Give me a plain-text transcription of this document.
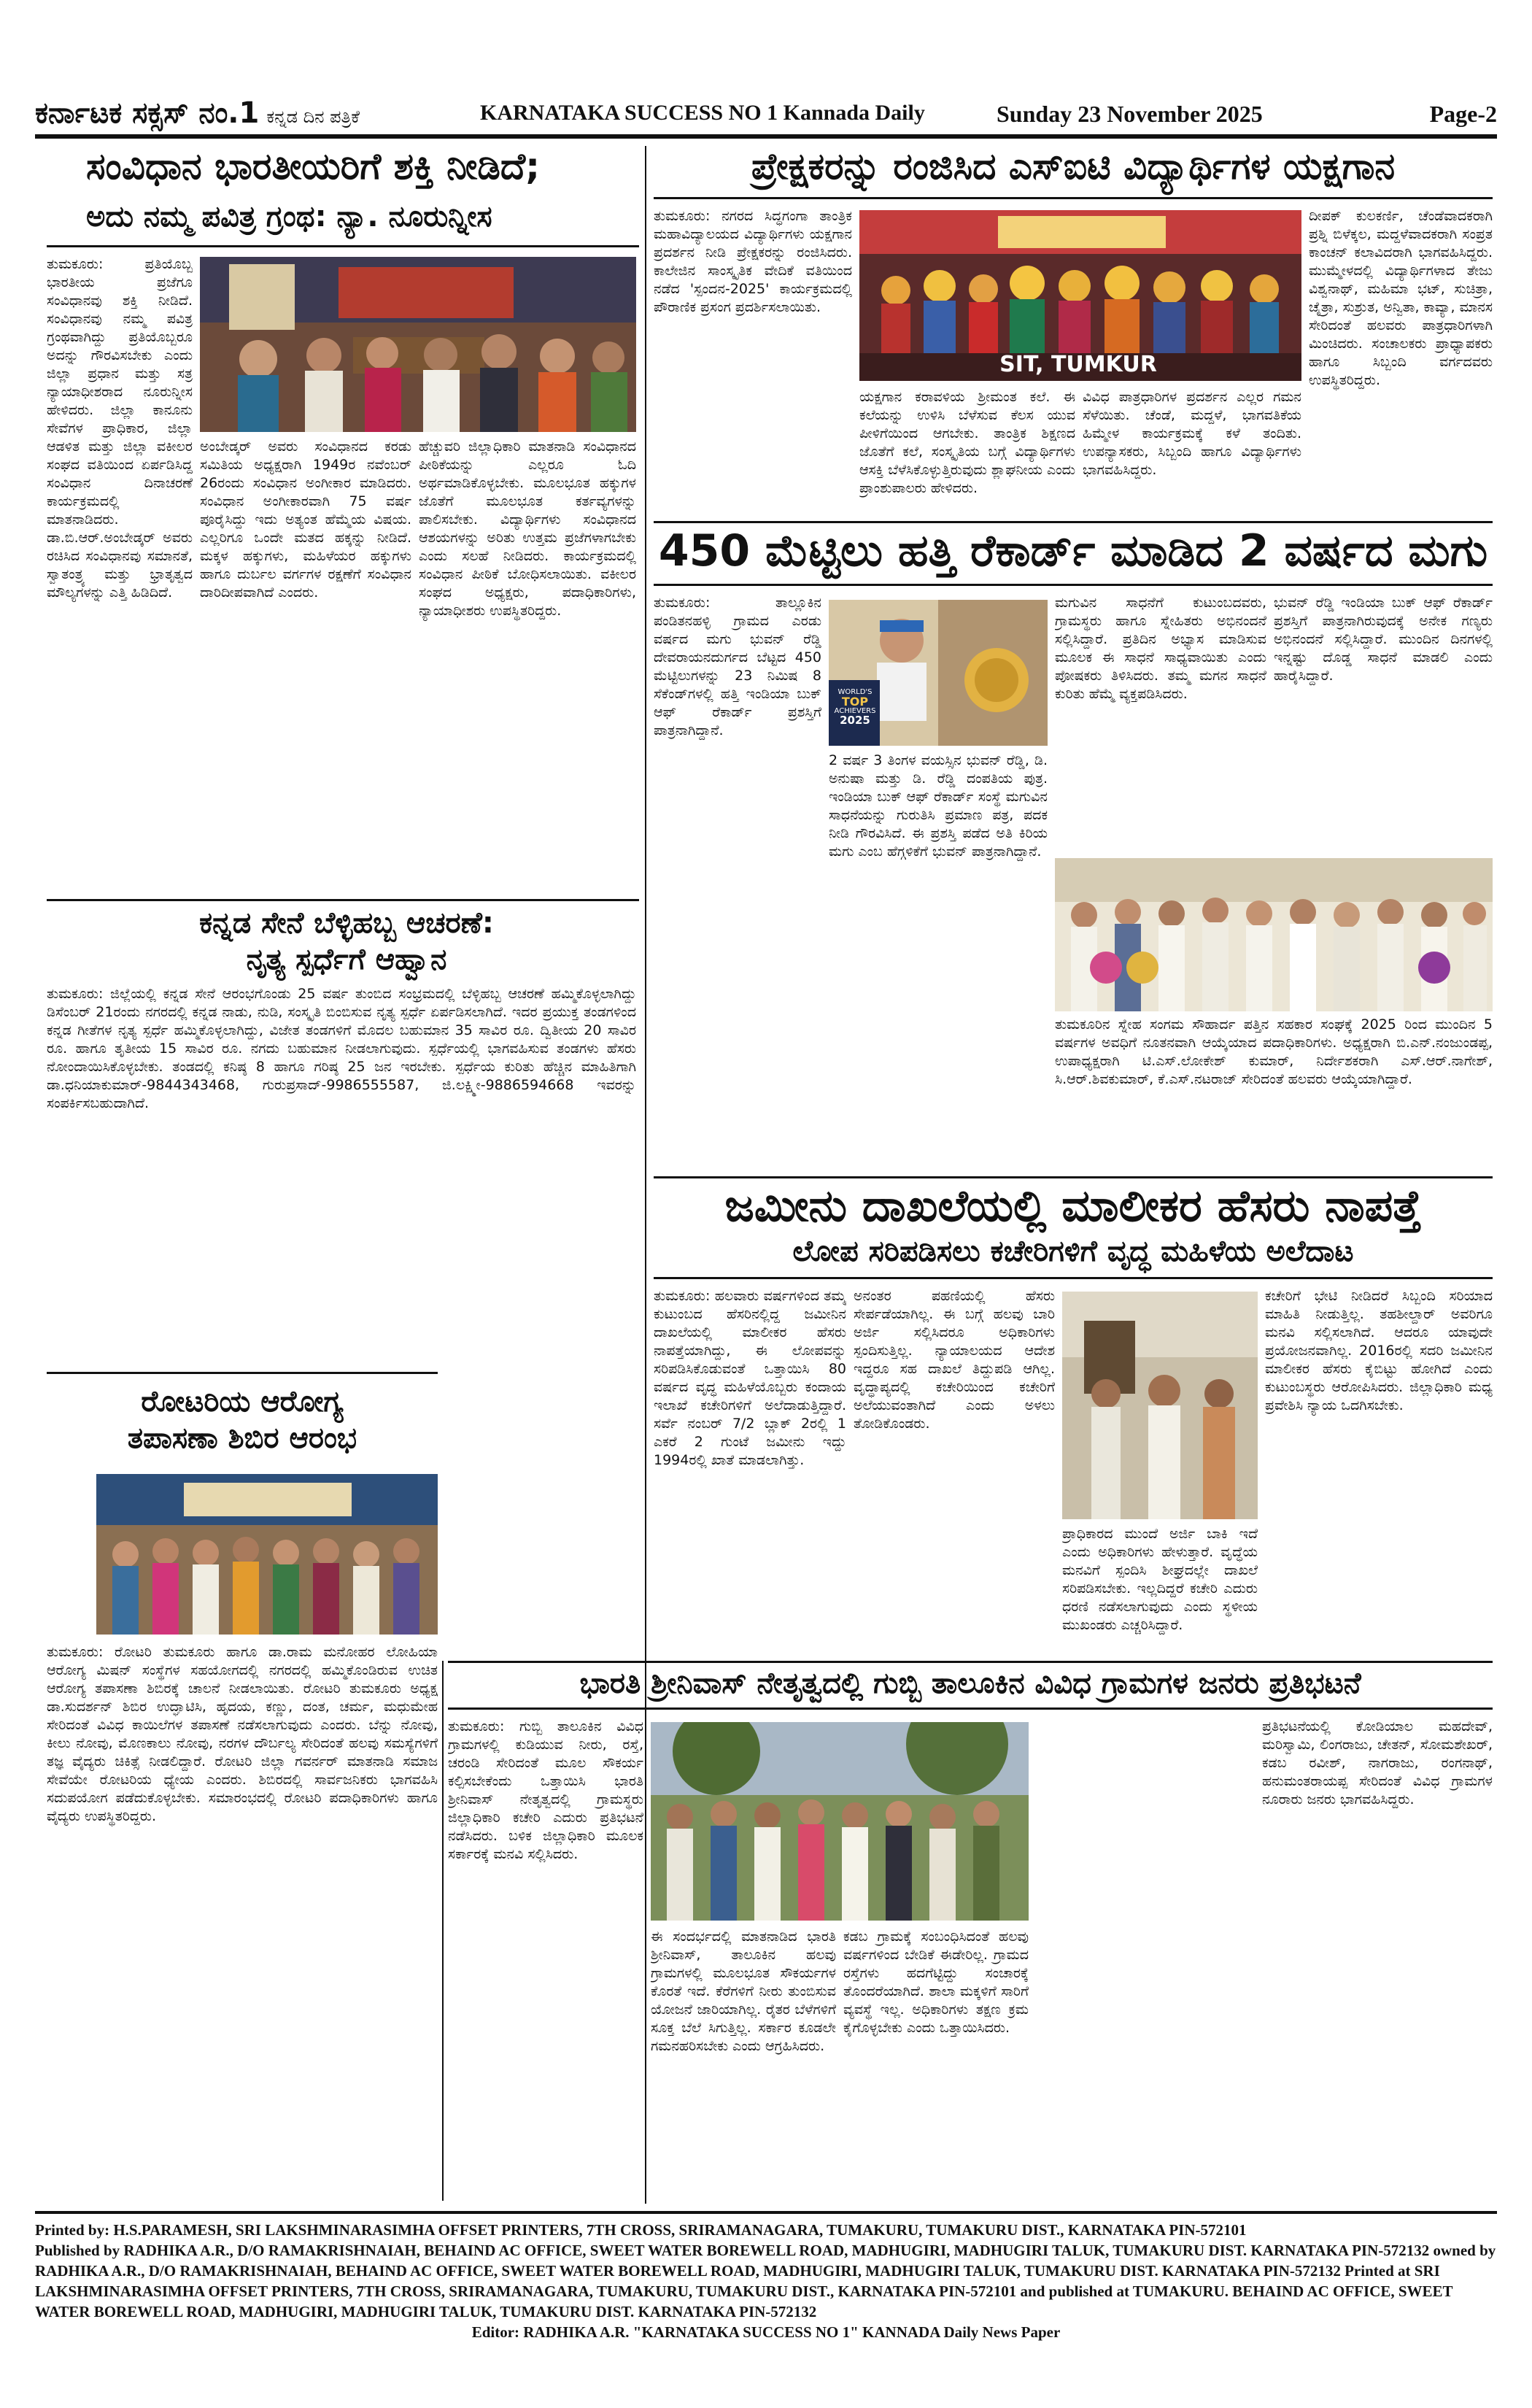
ಕರ್ನಾಟಕ ಸಕ್ಸಸ್ ನಂ.1 ಕನ್ನಡ ದಿನ ಪತ್ರಿಕೆ	KARNATAKA SUCCESS NO 1 Kannada Daily	Sunday 23 November 2025	Page-2
ಸಂವಿಧಾನ ಭಾರತೀಯರಿಗೆ ಶಕ್ತಿ ನೀಡಿದೆ;
ಅದು ನಮ್ಮ ಪವಿತ್ರ ಗ್ರಂಥ: ನ್ಯಾ. ನೂರುನ್ನೀಸ
ತುಮಕೂರು: ಪ್ರತಿಯೊಬ್ಬ ಭಾರತೀಯ ಪ್ರಜೆಗೂ ಸಂವಿಧಾನವು ಶಕ್ತಿ ನೀಡಿದೆ. ಸಂವಿಧಾನವು ನಮ್ಮ ಪವಿತ್ರ ಗ್ರಂಥವಾಗಿದ್ದು ಪ್ರತಿಯೊಬ್ಬರೂ ಅದನ್ನು ಗೌರವಿಸಬೇಕು ಎಂದು ಜಿಲ್ಲಾ ಪ್ರಧಾನ ಮತ್ತು ಸತ್ರ ನ್ಯಾಯಾಧೀಶರಾದ ನೂರುನ್ನೀಸ ಹೇಳಿದರು. ಜಿಲ್ಲಾ ಕಾನೂನು ಸೇವೆಗಳ ಪ್ರಾಧಿಕಾರ, ಜಿಲ್ಲಾ ಆಡಳಿತ ಮತ್ತು ಜಿಲ್ಲಾ ವಕೀಲರ ಸಂಘದ ವತಿಯಿಂದ ಏರ್ಪಡಿಸಿದ್ದ ಸಂವಿಧಾನ ದಿನಾಚರಣೆ ಕಾರ್ಯಕ್ರಮದಲ್ಲಿ ಮಾತನಾಡಿದರು. ಡಾ.ಬಿ.ಆರ್.ಅಂಬೇಡ್ಕರ್ ಅವರು ರಚಿಸಿದ ಸಂವಿಧಾನವು ಸಮಾನತೆ, ಸ್ವಾತಂತ್ರ್ಯ ಮತ್ತು ಭ್ರಾತೃತ್ವದ ಮೌಲ್ಯಗಳನ್ನು ಎತ್ತಿ ಹಿಡಿದಿದೆ.
ಅಂಬೇಡ್ಕರ್ ಅವರು ಸಂವಿಧಾನದ ಕರಡು ಸಮಿತಿಯ ಅಧ್ಯಕ್ಷರಾಗಿ 1949ರ ನವೆಂಬರ್ 26ರಂದು ಸಂವಿಧಾನ ಅಂಗೀಕಾರ ಮಾಡಿದರು. ಸಂವಿಧಾನ ಅಂಗೀಕಾರವಾಗಿ 75 ವರ್ಷ ಪೂರೈಸಿದ್ದು ಇದು ಅತ್ಯಂತ ಹೆಮ್ಮೆಯ ವಿಷಯ. ಎಲ್ಲರಿಗೂ ಒಂದೇ ಮತದ ಹಕ್ಕನ್ನು ನೀಡಿದೆ. ಮಕ್ಕಳ ಹಕ್ಕುಗಳು, ಮಹಿಳೆಯರ ಹಕ್ಕುಗಳು ಹಾಗೂ ದುರ್ಬಲ ವರ್ಗಗಳ ರಕ್ಷಣೆಗೆ ಸಂವಿಧಾನ ದಾರಿದೀಪವಾಗಿದೆ ಎಂದರು.
ಹೆಚ್ಚುವರಿ ಜಿಲ್ಲಾಧಿಕಾರಿ ಮಾತನಾಡಿ ಸಂವಿಧಾನದ ಪೀಠಿಕೆಯನ್ನು ಎಲ್ಲರೂ ಓದಿ ಅರ್ಥಮಾಡಿಕೊಳ್ಳಬೇಕು. ಮೂಲಭೂತ ಹಕ್ಕುಗಳ ಜೊತೆಗೆ ಮೂಲಭೂತ ಕರ್ತವ್ಯಗಳನ್ನು ಪಾಲಿಸಬೇಕು. ವಿದ್ಯಾರ್ಥಿಗಳು ಸಂವಿಧಾನದ ಆಶಯಗಳನ್ನು ಅರಿತು ಉತ್ತಮ ಪ್ರಜೆಗಳಾಗಬೇಕು ಎಂದು ಸಲಹೆ ನೀಡಿದರು. ಕಾರ್ಯಕ್ರಮದಲ್ಲಿ ಸಂವಿಧಾನ ಪೀಠಿಕೆ ಬೋಧಿಸಲಾಯಿತು. ವಕೀಲರ ಸಂಘದ ಅಧ್ಯಕ್ಷರು, ಪದಾಧಿಕಾರಿಗಳು, ನ್ಯಾಯಾಧೀಶರು ಉಪಸ್ಥಿತರಿದ್ದರು.
ಕನ್ನಡ ಸೇನೆ ಬೆಳ್ಳಿಹಬ್ಬ ಆಚರಣೆ:
ನೃತ್ಯ ಸ್ಪರ್ಧೆಗೆ ಆಹ್ವಾನ
ತುಮಕೂರು: ಜಿಲ್ಲೆಯಲ್ಲಿ ಕನ್ನಡ ಸೇನೆ ಆರಂಭಗೊಂಡು 25 ವರ್ಷ ತುಂಬಿದ ಸಂಭ್ರಮದಲ್ಲಿ ಬೆಳ್ಳಿಹಬ್ಬ ಆಚರಣೆ ಹಮ್ಮಿಕೊಳ್ಳಲಾಗಿದ್ದು ಡಿಸೆಂಬರ್ 21ರಂದು ನಗರದಲ್ಲಿ ಕನ್ನಡ ನಾಡು, ನುಡಿ, ಸಂಸ್ಕೃತಿ ಬಿಂಬಿಸುವ ನೃತ್ಯ ಸ್ಪರ್ಧೆ ಏರ್ಪಡಿಸಲಾಗಿದೆ. ಇದರ ಪ್ರಯುಕ್ತ ತಂಡಗಳಿಂದ ಕನ್ನಡ ಗೀತೆಗಳ ನೃತ್ಯ ಸ್ಪರ್ಧೆ ಹಮ್ಮಿಕೊಳ್ಳಲಾಗಿದ್ದು, ವಿಜೇತ ತಂಡಗಳಿಗೆ ಮೊದಲ ಬಹುಮಾನ 35 ಸಾವಿರ ರೂ. ದ್ವಿತೀಯ 20 ಸಾವಿರ ರೂ. ಹಾಗೂ ತೃತೀಯ 15 ಸಾವಿರ ರೂ. ನಗದು ಬಹುಮಾನ ನೀಡಲಾಗುವುದು. ಸ್ಪರ್ಧೆಯಲ್ಲಿ ಭಾಗವಹಿಸುವ ತಂಡಗಳು ಹೆಸರು ನೋಂದಾಯಿಸಿಕೊಳ್ಳಬೇಕು. ತಂಡದಲ್ಲಿ ಕನಿಷ್ಠ 8 ಹಾಗೂ ಗರಿಷ್ಠ 25 ಜನ ಇರಬೇಕು. ಸ್ಪರ್ಧೆಯ ಕುರಿತು ಹೆಚ್ಚಿನ ಮಾಹಿತಿಗಾಗಿ ಡಾ.ಧನಿಯಾಕುಮಾರ್-9844343468, ಗುರುಪ್ರಸಾದ್-9986555587, ಜಿ.ಲಕ್ಷ್ಮೀ-9886594668 ಇವರನ್ನು ಸಂಪರ್ಕಿಸಬಹುದಾಗಿದೆ.
ರೋಟರಿಯ ಆರೋಗ್ಯ
ತಪಾಸಣಾ ಶಿಬಿರ ಆರಂಭ
ತುಮಕೂರು: ರೋಟರಿ ತುಮಕೂರು ಹಾಗೂ ಡಾ.ರಾಮ ಮನೋಹರ ಲೋಹಿಯಾ ಆರೋಗ್ಯ ಮಿಷನ್ ಸಂಸ್ಥೆಗಳ ಸಹಯೋಗದಲ್ಲಿ ನಗರದಲ್ಲಿ ಹಮ್ಮಿಕೊಂಡಿರುವ ಉಚಿತ ಆರೋಗ್ಯ ತಪಾಸಣಾ ಶಿಬಿರಕ್ಕೆ ಚಾಲನೆ ನೀಡಲಾಯಿತು. ರೋಟರಿ ತುಮಕೂರು ಅಧ್ಯಕ್ಷ ಡಾ.ಸುದರ್ಶನ್ ಶಿಬಿರ ಉದ್ಘಾಟಿಸಿ, ಹೃದಯ, ಕಣ್ಣು, ದಂತ, ಚರ್ಮ, ಮಧುಮೇಹ ಸೇರಿದಂತೆ ವಿವಿಧ ಕಾಯಿಲೆಗಳ ತಪಾಸಣೆ ನಡೆಸಲಾಗುವುದು ಎಂದರು. ಬೆನ್ನು ನೋವು, ಕೀಲು ನೋವು, ಮೊಣಕಾಲು ನೋವು, ನರಗಳ ದೌರ್ಬಲ್ಯ ಸೇರಿದಂತೆ ಹಲವು ಸಮಸ್ಯೆಗಳಿಗೆ ತಜ್ಞ ವೈದ್ಯರು ಚಿಕಿತ್ಸೆ ನೀಡಲಿದ್ದಾರೆ. ರೋಟರಿ ಜಿಲ್ಲಾ ಗವರ್ನರ್ ಮಾತನಾಡಿ ಸಮಾಜ ಸೇವೆಯೇ ರೋಟರಿಯ ಧ್ಯೇಯ ಎಂದರು. ಶಿಬಿರದಲ್ಲಿ ಸಾರ್ವಜನಿಕರು ಭಾಗವಹಿಸಿ ಸದುಪಯೋಗ ಪಡೆದುಕೊಳ್ಳಬೇಕು. ಸಮಾರಂಭದಲ್ಲಿ ರೋಟರಿ ಪದಾಧಿಕಾರಿಗಳು ಹಾಗೂ ವೈದ್ಯರು ಉಪಸ್ಥಿತರಿದ್ದರು.
ಪ್ರೇಕ್ಷಕರನ್ನು ರಂಜಿಸಿದ ಎಸ್ಐಟಿ ವಿದ್ಯಾರ್ಥಿಗಳ ಯಕ್ಷಗಾನ
ತುಮಕೂರು: ನಗರದ ಸಿದ್ಧಗಂಗಾ ತಾಂತ್ರಿಕ ಮಹಾವಿದ್ಯಾಲಯದ ವಿದ್ಯಾರ್ಥಿಗಳು ಯಕ್ಷಗಾನ ಪ್ರದರ್ಶನ ನೀಡಿ ಪ್ರೇಕ್ಷಕರನ್ನು ರಂಜಿಸಿದರು. ಕಾಲೇಜಿನ ಸಾಂಸ್ಕೃತಿಕ ವೇದಿಕೆ ವತಿಯಿಂದ ನಡೆದ 'ಸ್ಪಂದನ-2025' ಕಾರ್ಯಕ್ರಮದಲ್ಲಿ ಪೌರಾಣಿಕ ಪ್ರಸಂಗ ಪ್ರದರ್ಶಿಸಲಾಯಿತು.
SIT, TUMKUR
ಯಕ್ಷಗಾನ ಕರಾವಳಿಯ ಶ್ರೀಮಂತ ಕಲೆ. ಈ ಕಲೆಯನ್ನು ಉಳಿಸಿ ಬೆಳೆಸುವ ಕೆಲಸ ಯುವ ಪೀಳಿಗೆಯಿಂದ ಆಗಬೇಕು. ತಾಂತ್ರಿಕ ಶಿಕ್ಷಣದ ಜೊತೆಗೆ ಕಲೆ, ಸಂಸ್ಕೃತಿಯ ಬಗ್ಗೆ ವಿದ್ಯಾರ್ಥಿಗಳು ಆಸಕ್ತಿ ಬೆಳೆಸಿಕೊಳ್ಳುತ್ತಿರುವುದು ಶ್ಲಾಘನೀಯ ಎಂದು ಪ್ರಾಂಶುಪಾಲರು ಹೇಳಿದರು.
ವಿವಿಧ ಪಾತ್ರಧಾರಿಗಳ ಪ್ರದರ್ಶನ ಎಲ್ಲರ ಗಮನ ಸೆಳೆಯಿತು. ಚೆಂಡೆ, ಮದ್ದಳೆ, ಭಾಗವತಿಕೆಯ ಹಿಮ್ಮೇಳ ಕಾರ್ಯಕ್ರಮಕ್ಕೆ ಕಳೆ ತಂದಿತು. ಉಪನ್ಯಾಸಕರು, ಸಿಬ್ಬಂದಿ ಹಾಗೂ ವಿದ್ಯಾರ್ಥಿಗಳು ಭಾಗವಹಿಸಿದ್ದರು.
ದೀಪಕ್ ಕುಲಕರ್ಣಿ, ಚೆಂಡೆವಾದಕರಾಗಿ ಪ್ರಶ್ನಿ ಬಿಳೆಕ್ಕಲ, ಮದ್ದಳೆವಾದಕರಾಗಿ ಸಂಪ್ರತ ಕಾಂಚನ್ ಕಲಾವಿದರಾಗಿ ಭಾಗವಹಿಸಿದ್ದರು. ಮುಮ್ಮೇಳದಲ್ಲಿ ವಿದ್ಯಾರ್ಥಿಗಳಾದ ತೇಜು ವಿಶ್ವನಾಥ್, ಮಹಿಮಾ ಭಟ್, ಸುಚಿತ್ರಾ, ಚೈತ್ರಾ, ಸುಶ್ರುತ, ಅನ್ವಿತಾ, ಕಾವ್ಯಾ, ಮಾನಸ ಸೇರಿದಂತೆ ಹಲವರು ಪಾತ್ರಧಾರಿಗಳಾಗಿ ಮಿಂಚಿದರು. ಸಂಚಾಲಕರು ಪ್ರಾಧ್ಯಾಪಕರು ಹಾಗೂ ಸಿಬ್ಬಂದಿ ವರ್ಗದವರು ಉಪಸ್ಥಿತರಿದ್ದರು.
450 ಮೆಟ್ಟಿಲು ಹತ್ತಿ ರೆಕಾರ್ಡ್ ಮಾಡಿದ 2 ವರ್ಷದ ಮಗು
ತುಮಕೂರು: ತಾಲ್ಲೂಕಿನ ಪಂಡಿತನಹಳ್ಳಿ ಗ್ರಾಮದ ಎರಡು ವರ್ಷದ ಮಗು ಭುವನ್ ರೆಡ್ಡಿ ದೇವರಾಯನದುರ್ಗದ ಬೆಟ್ಟದ 450 ಮೆಟ್ಟಿಲುಗಳನ್ನು 23 ನಿಮಿಷ 8 ಸೆಕೆಂಡ್‌ಗಳಲ್ಲಿ ಹತ್ತಿ ಇಂಡಿಯಾ ಬುಕ್ ಆಫ್ ರೆಕಾರ್ಡ್ ಪ್ರಶಸ್ತಿಗೆ ಪಾತ್ರನಾಗಿದ್ದಾನೆ.
WORLD'S
TOP
ACHIEVERS
2025
2 ವರ್ಷ 3 ತಿಂಗಳ ವಯಸ್ಸಿನ ಭುವನ್ ರೆಡ್ಡಿ, ಡಿ. ಅನುಷಾ ಮತ್ತು ಡಿ. ರೆಡ್ಡಿ ದಂಪತಿಯ ಪುತ್ರ. ಇಂಡಿಯಾ ಬುಕ್ ಆಫ್ ರೆಕಾರ್ಡ್ ಸಂಸ್ಥೆ ಮಗುವಿನ ಸಾಧನೆಯನ್ನು ಗುರುತಿಸಿ ಪ್ರಮಾಣ ಪತ್ರ, ಪದಕ ನೀಡಿ ಗೌರವಿಸಿದೆ. ಈ ಪ್ರಶಸ್ತಿ ಪಡೆದ ಅತಿ ಕಿರಿಯ ಮಗು ಎಂಬ ಹೆಗ್ಗಳಿಕೆಗೆ ಭುವನ್ ಪಾತ್ರನಾಗಿದ್ದಾನೆ.
ಮಗುವಿನ ಸಾಧನೆಗೆ ಕುಟುಂಬದವರು, ಗ್ರಾಮಸ್ಥರು ಹಾಗೂ ಸ್ನೇಹಿತರು ಅಭಿನಂದನೆ ಸಲ್ಲಿಸಿದ್ದಾರೆ. ಪ್ರತಿದಿನ ಅಭ್ಯಾಸ ಮಾಡಿಸುವ ಮೂಲಕ ಈ ಸಾಧನೆ ಸಾಧ್ಯವಾಯಿತು ಎಂದು ಪೋಷಕರು ತಿಳಿಸಿದರು. ತಮ್ಮ ಮಗನ ಸಾಧನೆ ಕುರಿತು ಹೆಮ್ಮೆ ವ್ಯಕ್ತಪಡಿಸಿದರು.
ಭುವನ್ ರೆಡ್ಡಿ ಇಂಡಿಯಾ ಬುಕ್ ಆಫ್ ರೆಕಾರ್ಡ್ ಪ್ರಶಸ್ತಿಗೆ ಪಾತ್ರನಾಗಿರುವುದಕ್ಕೆ ಅನೇಕ ಗಣ್ಯರು ಅಭಿನಂದನೆ ಸಲ್ಲಿಸಿದ್ದಾರೆ. ಮುಂದಿನ ದಿನಗಳಲ್ಲಿ ಇನ್ನಷ್ಟು ದೊಡ್ಡ ಸಾಧನೆ ಮಾಡಲಿ ಎಂದು ಹಾರೈಸಿದ್ದಾರೆ.
ತುಮಕೂರಿನ ಸ್ನೇಹ ಸಂಗಮ ಸೌಹಾರ್ದ ಪತ್ತಿನ ಸಹಕಾರ ಸಂಘಕ್ಕೆ 2025 ರಿಂದ ಮುಂದಿನ 5 ವರ್ಷಗಳ ಅವಧಿಗೆ ನೂತನವಾಗಿ ಆಯ್ಕೆಯಾದ ಪದಾಧಿಕಾರಿಗಳು. ಅಧ್ಯಕ್ಷರಾಗಿ ಬಿ.ಎನ್.ನಂಜುಂಡಪ್ಪ, ಉಪಾಧ್ಯಕ್ಷರಾಗಿ ಟಿ.ಎಸ್.ಲೋಕೇಶ್ ಕುಮಾರ್, ನಿರ್ದೇಶಕರಾಗಿ ಎಸ್.ಆರ್.ನಾಗೇಶ್, ಸಿ.ಆರ್.ಶಿವಕುಮಾರ್, ಕೆ.ಎಸ್.ನಟರಾಜ್ ಸೇರಿದಂತೆ ಹಲವರು ಆಯ್ಕೆಯಾಗಿದ್ದಾರೆ.
ಜಮೀನು ದಾಖಲೆಯಲ್ಲಿ ಮಾಲೀಕರ ಹೆಸರು ನಾಪತ್ತೆ
ಲೋಪ ಸರಿಪಡಿಸಲು ಕಚೇರಿಗಳಿಗೆ ವೃದ್ಧ ಮಹಿಳೆಯ ಅಲೆದಾಟ
ತುಮಕೂರು: ಹಲವಾರು ವರ್ಷಗಳಿಂದ ತಮ್ಮ ಕುಟುಂಬದ ಹೆಸರಿನಲ್ಲಿದ್ದ ಜಮೀನಿನ ದಾಖಲೆಯಲ್ಲಿ ಮಾಲೀಕರ ಹೆಸರು ನಾಪತ್ತೆಯಾಗಿದ್ದು, ಈ ಲೋಪವನ್ನು ಸರಿಪಡಿಸಿಕೊಡುವಂತೆ ಒತ್ತಾಯಿಸಿ 80 ವರ್ಷದ ವೃದ್ಧ ಮಹಿಳೆಯೊಬ್ಬರು ಕಂದಾಯ ಇಲಾಖೆ ಕಚೇರಿಗಳಿಗೆ ಅಲೆದಾಡುತ್ತಿದ್ದಾರೆ. ಸರ್ವೆ ನಂಬರ್ 7/2 ಬ್ಲಾಕ್ 2ರಲ್ಲಿ 1 ಎಕರೆ 2 ಗುಂಟೆ ಜಮೀನು ಇದ್ದು 1994ರಲ್ಲಿ ಖಾತೆ ಮಾಡಲಾಗಿತ್ತು.
ಅನಂತರ ಪಹಣಿಯಲ್ಲಿ ಹೆಸರು ಸೇರ್ಪಡೆಯಾಗಿಲ್ಲ. ಈ ಬಗ್ಗೆ ಹಲವು ಬಾರಿ ಅರ್ಜಿ ಸಲ್ಲಿಸಿದರೂ ಅಧಿಕಾರಿಗಳು ಸ್ಪಂದಿಸುತ್ತಿಲ್ಲ. ನ್ಯಾಯಾಲಯದ ಆದೇಶ ಇದ್ದರೂ ಸಹ ದಾಖಲೆ ತಿದ್ದುಪಡಿ ಆಗಿಲ್ಲ. ವೃದ್ಧಾಪ್ಯದಲ್ಲಿ ಕಚೇರಿಯಿಂದ ಕಚೇರಿಗೆ ಅಲೆಯುವಂತಾಗಿದೆ ಎಂದು ಅಳಲು ತೋಡಿಕೊಂಡರು.
ಕಚೇರಿಗೆ ಭೇಟಿ ನೀಡಿದರೆ ಸಿಬ್ಬಂದಿ ಸರಿಯಾದ ಮಾಹಿತಿ ನೀಡುತ್ತಿಲ್ಲ. ತಹಶೀಲ್ದಾರ್ ಅವರಿಗೂ ಮನವಿ ಸಲ್ಲಿಸಲಾಗಿದೆ. ಆದರೂ ಯಾವುದೇ ಪ್ರಯೋಜನವಾಗಿಲ್ಲ. 2016ರಲ್ಲಿ ಸದರಿ ಜಮೀನಿನ ಮಾಲೀಕರ ಹೆಸರು ಕೈಬಿಟ್ಟು ಹೋಗಿದೆ ಎಂದು ಕುಟುಂಬಸ್ಥರು ಆರೋಪಿಸಿದರು. ಜಿಲ್ಲಾಧಿಕಾರಿ ಮಧ್ಯ ಪ್ರವೇಶಿಸಿ ನ್ಯಾಯ ಒದಗಿಸಬೇಕು.
ಪ್ರಾಧಿಕಾರದ ಮುಂದೆ ಅರ್ಜಿ ಬಾಕಿ ಇದೆ ಎಂದು ಅಧಿಕಾರಿಗಳು ಹೇಳುತ್ತಾರೆ. ವೃದ್ಧೆಯ ಮನವಿಗೆ ಸ್ಪಂದಿಸಿ ಶೀಘ್ರದಲ್ಲೇ ದಾಖಲೆ ಸರಿಪಡಿಸಬೇಕು. ಇಲ್ಲದಿದ್ದರೆ ಕಚೇರಿ ಎದುರು ಧರಣಿ ನಡೆಸಲಾಗುವುದು ಎಂದು ಸ್ಥಳೀಯ ಮುಖಂಡರು ಎಚ್ಚರಿಸಿದ್ದಾರೆ.
ಭಾರತಿ ಶ್ರೀನಿವಾಸ್ ನೇತೃತ್ವದಲ್ಲಿ ಗುಬ್ಬಿ ತಾಲೂಕಿನ ವಿವಿಧ ಗ್ರಾಮಗಳ ಜನರು ಪ್ರತಿಭಟನೆ
ತುಮಕೂರು: ಗುಬ್ಬಿ ತಾಲೂಕಿನ ವಿವಿಧ ಗ್ರಾಮಗಳಲ್ಲಿ ಕುಡಿಯುವ ನೀರು, ರಸ್ತೆ, ಚರಂಡಿ ಸೇರಿದಂತೆ ಮೂಲ ಸೌಕರ್ಯ ಕಲ್ಪಿಸಬೇಕೆಂದು ಒತ್ತಾಯಿಸಿ ಭಾರತಿ ಶ್ರೀನಿವಾಸ್ ನೇತೃತ್ವದಲ್ಲಿ ಗ್ರಾಮಸ್ಥರು ಜಿಲ್ಲಾಧಿಕಾರಿ ಕಚೇರಿ ಎದುರು ಪ್ರತಿಭಟನೆ ನಡೆಸಿದರು. ಬಳಿಕ ಜಿಲ್ಲಾಧಿಕಾರಿ ಮೂಲಕ ಸರ್ಕಾರಕ್ಕೆ ಮನವಿ ಸಲ್ಲಿಸಿದರು.
ಈ ಸಂದರ್ಭದಲ್ಲಿ ಮಾತನಾಡಿದ ಭಾರತಿ ಶ್ರೀನಿವಾಸ್, ತಾಲೂಕಿನ ಹಲವು ಗ್ರಾಮಗಳಲ್ಲಿ ಮೂಲಭೂತ ಸೌಕರ್ಯಗಳ ಕೊರತೆ ಇದೆ. ಕೆರೆಗಳಿಗೆ ನೀರು ತುಂಬಿಸುವ ಯೋಜನೆ ಜಾರಿಯಾಗಿಲ್ಲ. ರೈತರ ಬೆಳೆಗಳಿಗೆ ಸೂಕ್ತ ಬೆಲೆ ಸಿಗುತ್ತಿಲ್ಲ. ಸರ್ಕಾರ ಕೂಡಲೇ ಗಮನಹರಿಸಬೇಕು ಎಂದು ಆಗ್ರಹಿಸಿದರು.
ಕಡಬ ಗ್ರಾಮಕ್ಕೆ ಸಂಬಂಧಿಸಿದಂತೆ ಹಲವು ವರ್ಷಗಳಿಂದ ಬೇಡಿಕೆ ಈಡೇರಿಲ್ಲ. ಗ್ರಾಮದ ರಸ್ತೆಗಳು ಹದಗೆಟ್ಟಿದ್ದು ಸಂಚಾರಕ್ಕೆ ತೊಂದರೆಯಾಗಿದೆ. ಶಾಲಾ ಮಕ್ಕಳಿಗೆ ಸಾರಿಗೆ ವ್ಯವಸ್ಥೆ ಇಲ್ಲ. ಅಧಿಕಾರಿಗಳು ತಕ್ಷಣ ಕ್ರಮ ಕೈಗೊಳ್ಳಬೇಕು ಎಂದು ಒತ್ತಾಯಿಸಿದರು.
ಪ್ರತಿಭಟನೆಯಲ್ಲಿ ಕೋಡಿಯಾಲ ಮಹದೇವ್, ಮರಿಸ್ವಾಮಿ, ಲಿಂಗರಾಜು, ಚೇತನ್, ಸೋಮಶೇಖರ್, ಕಡಬ ರವೀಶ್, ನಾಗರಾಜು, ರಂಗನಾಥ್, ಹನುಮಂತರಾಯಪ್ಪ ಸೇರಿದಂತೆ ವಿವಿಧ ಗ್ರಾಮಗಳ ನೂರಾರು ಜನರು ಭಾಗವಹಿಸಿದ್ದರು.
Printed by: H.S.PARAMESH, SRI LAKSHMINARASIMHA OFFSET PRINTERS, 7TH CROSS, SRIRAMANAGARA, TUMAKURU, TUMAKURU DIST., KARNATAKA PIN-572101
Published by RADHIKA A.R., D/O RAMAKRISHNAIAH, BEHAIND AC OFFICE, SWEET WATER BOREWELL ROAD, MADHUGIRI, MADHUGIRI TALUK, TUMAKURU DIST. KARNATAKA PIN-572132 owned by RADHIKA A.R., D/O RAMAKRISHNAIAH, BEHAIND AC OFFICE, SWEET WATER BOREWELL ROAD, MADHUGIRI, MADHUGIRI TALUK, TUMAKURU DIST. KARNATAKA PIN-572132 Printed at SRI LAKSHMINARASIMHA OFFSET PRINTERS, 7TH CROSS, SRIRAMANAGARA, TUMAKURU, TUMAKURU DIST., KARNATAKA PIN-572101 and published at TUMAKURU. BEHAIND AC OFFICE, SWEET WATER BOREWELL ROAD, MADHUGIRI, MADHUGIRI TALUK, TUMAKURU DIST. KARNATAKA PIN-572132
Editor: RADHIKA A.R. "KARNATAKA SUCCESS NO 1" KANNADA Daily News Paper
